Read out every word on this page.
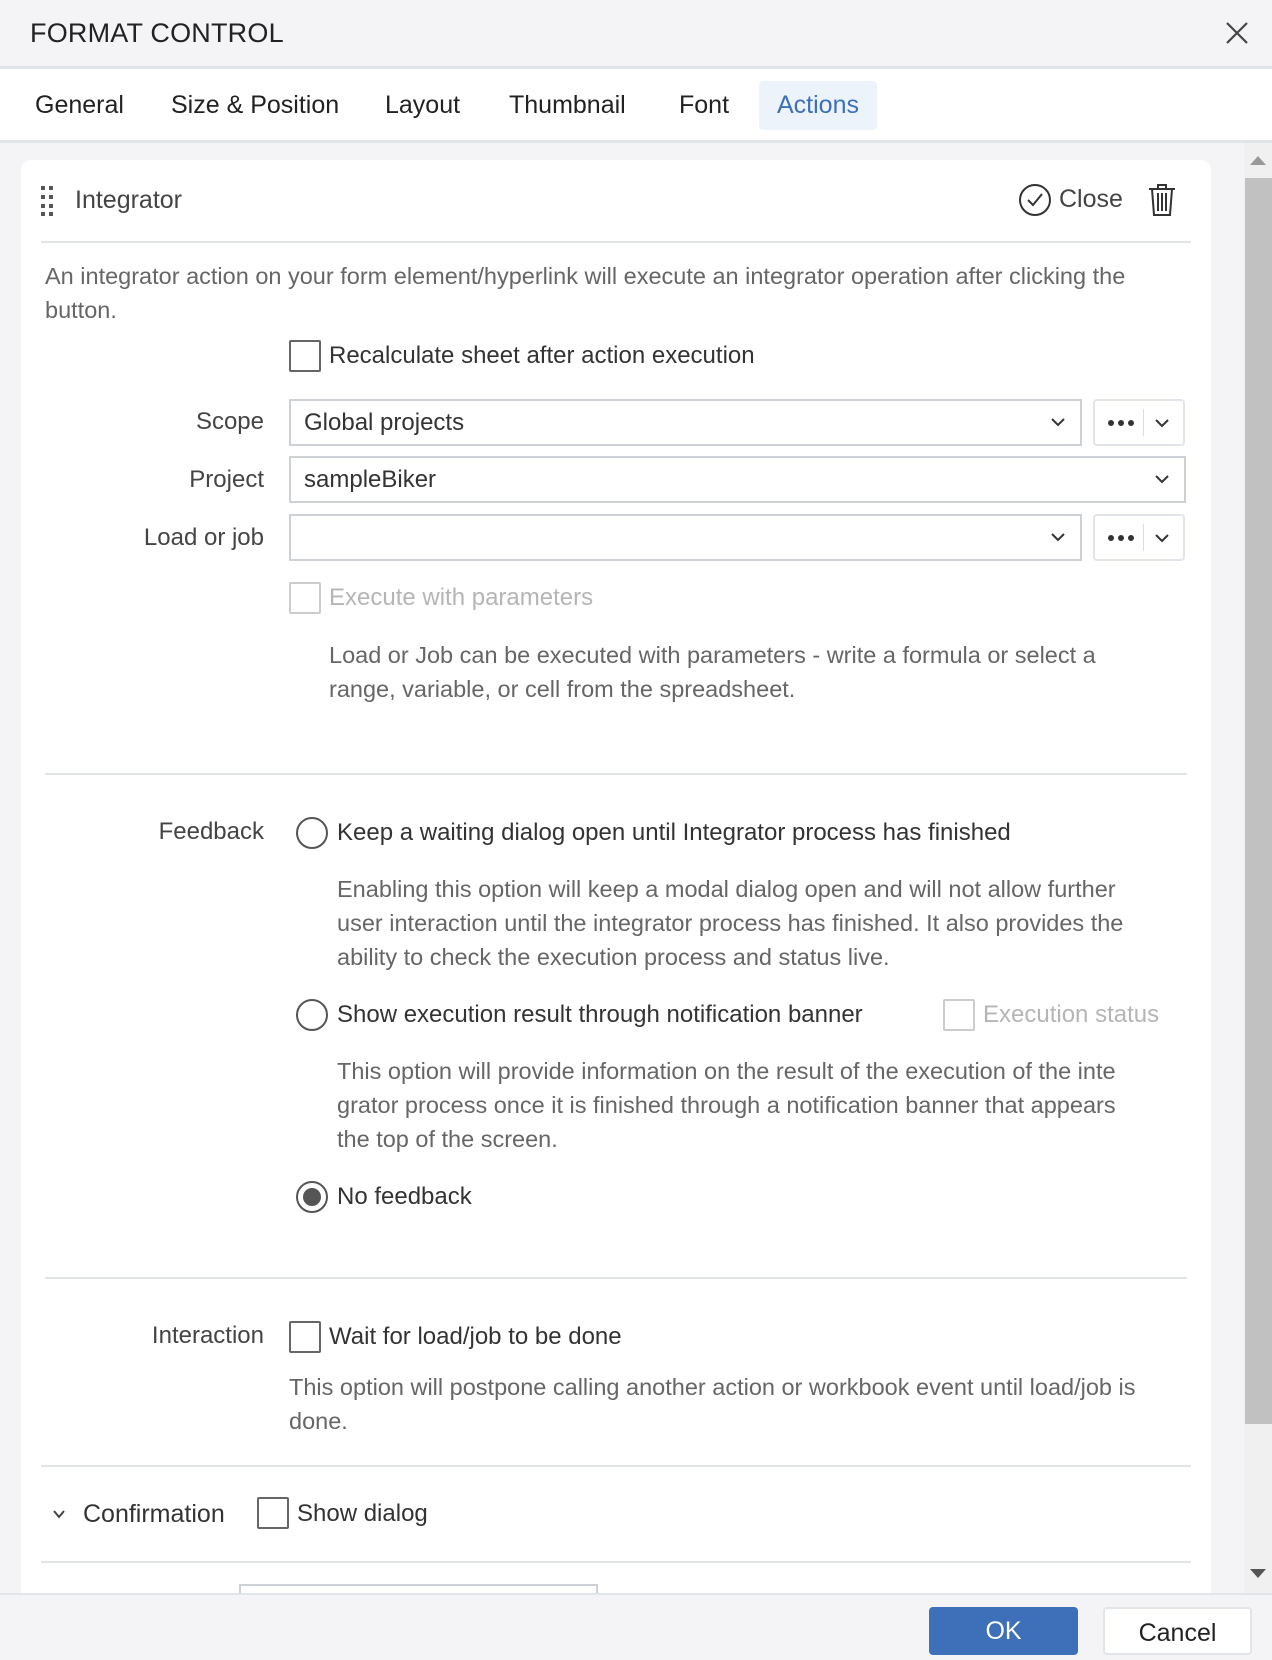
FORMAT CONTROL
General Size & Position Layout Thumbnail Font	Actions
Integrator	Close
An integrator action on your form element/hyperlink will execute an integrator operation after clicking the
button.
Recalculate sheet after action execution
Scope	Global projects
Project	sampleBiker
Load or job
Execute with parameters
Load or Job can be executed with parameters - write a formula or select a
range, variable, or cell from the spreadsheet.
Feedback	Keep a waiting dialog open until Integrator process has finished
Enabling this option will keep a modal dialog open and will not allow further
user interaction until the integrator process has finished. It also provides the
ability to check the execution process and status live.
Show execution result through notification banner	Execution status
This option will provide information on the result of the execution of the inte
grator process once it is finished through a notification banner that appears
the top of the screen.
No feedback
Interaction	Wait for load/job to be done
This option will postpone calling another action or workbook event until load/job is
done.
Confirmation	Show dialog
OK	Cancel
